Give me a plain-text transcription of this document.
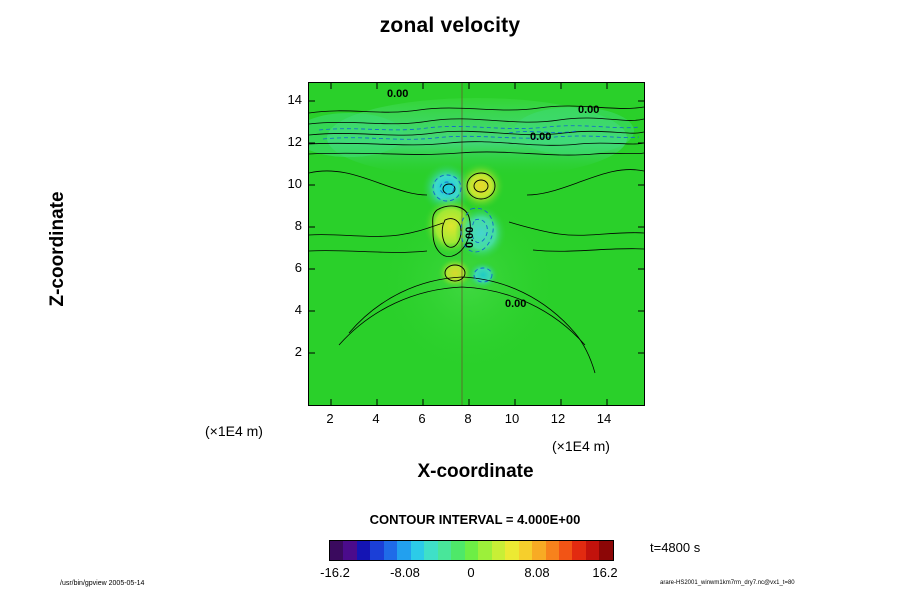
zonal velocity
0.00
0.00
0.00
0.00
0.00
14
12
10
8
6
4
2
2	4	6	8	10	12	14
Z-coordinate
X-coordinate
(×1E4 m)
(×1E4 m)
CONTOUR INTERVAL = 4.000E+00
-16.2	-8.08	0	8.08	16.2
t=4800 s
/usr/bin/gpview 2005-05-14	arare-HS2001_winwm1km7rm_dry7.nc@vx1_t=80
